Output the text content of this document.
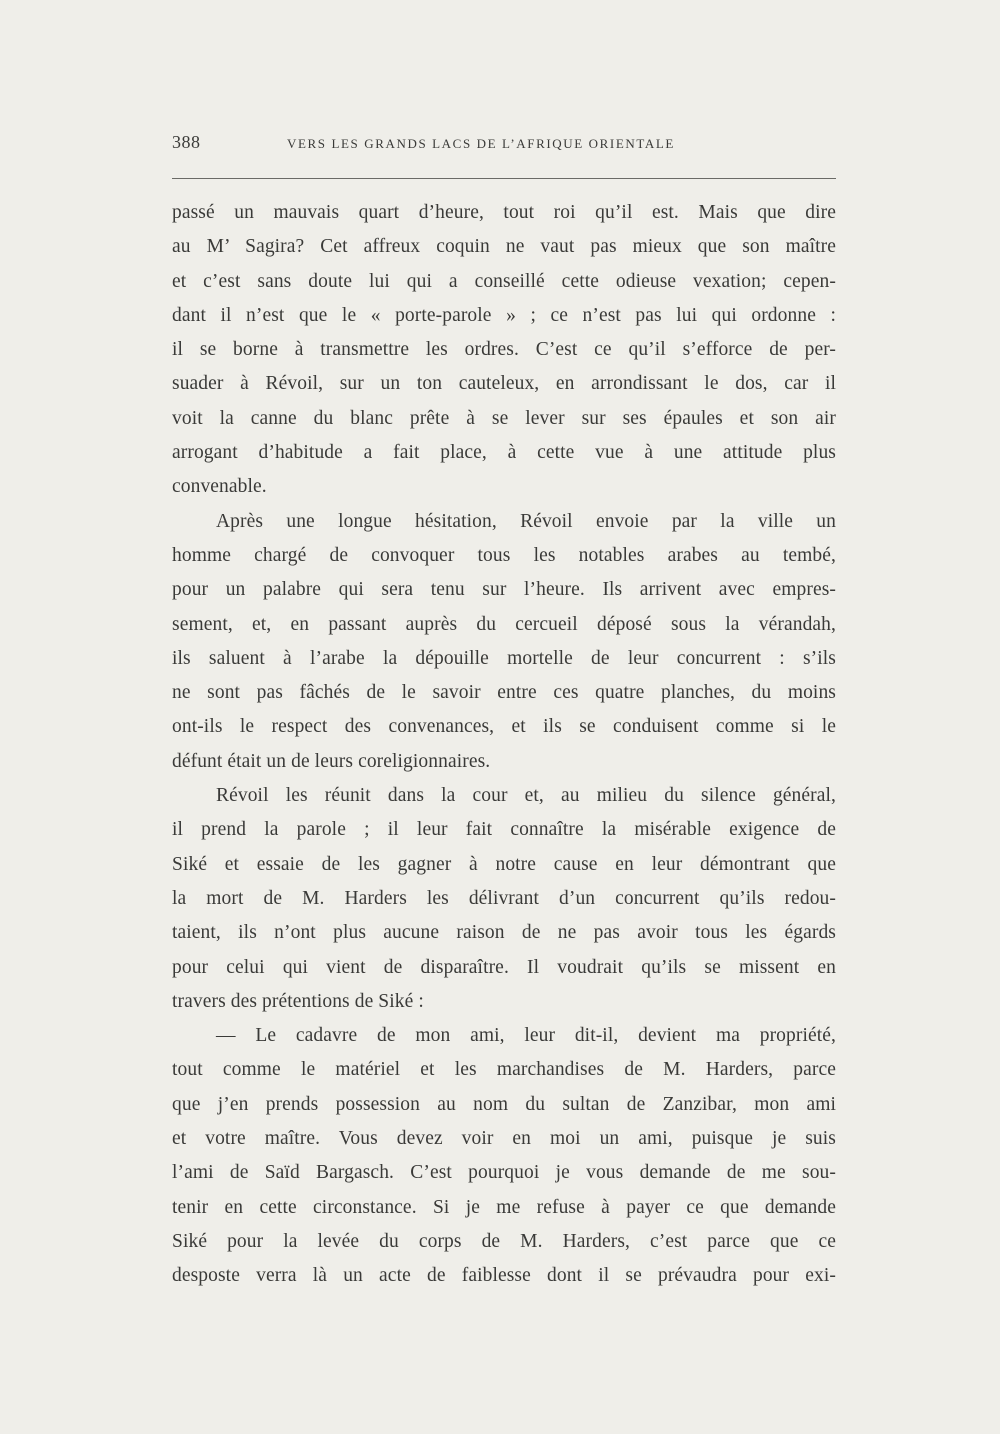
388	VERS LES GRANDS LACS DE L’AFRIQUE ORIENTALE
passé un mauvais quart d’heure, tout roi qu’il est. Mais que dire
au M’ Sagira? Cet affreux coquin ne vaut pas mieux que son maître
et c’est sans doute lui qui a conseillé cette odieuse vexation; cepen-
dant il n’est que le « porte-parole » ; ce n’est pas lui qui ordonne :
il se borne à transmettre les ordres. C’est ce qu’il s’efforce de per-
suader à Révoil, sur un ton cauteleux, en arrondissant le dos, car il
voit la canne du blanc prête à se lever sur ses épaules et son air
arrogant d’habitude a fait place, à cette vue à une attitude plus
convenable.
Après une longue hésitation, Révoil envoie par la ville un
homme chargé de convoquer tous les notables arabes au tembé,
pour un palabre qui sera tenu sur l’heure. Ils arrivent avec empres-
sement, et, en passant auprès du cercueil déposé sous la vérandah,
ils saluent à l’arabe la dépouille mortelle de leur concurrent : s’ils
ne sont pas fâchés de le savoir entre ces quatre planches, du moins
ont-ils le respect des convenances, et ils se conduisent comme si le
défunt était un de leurs coreligionnaires.
Révoil les réunit dans la cour et, au milieu du silence général,
il prend la parole ; il leur fait connaître la misérable exigence de
Siké et essaie de les gagner à notre cause en leur démontrant que
la mort de M. Harders les délivrant d’un concurrent qu’ils redou-
taient, ils n’ont plus aucune raison de ne pas avoir tous les égards
pour celui qui vient de disparaître. Il voudrait qu’ils se missent en
travers des prétentions de Siké :
— Le cadavre de mon ami, leur dit-il, devient ma propriété,
tout comme le matériel et les marchandises de M. Harders, parce
que j’en prends possession au nom du sultan de Zanzibar, mon ami
et votre maître. Vous devez voir en moi un ami, puisque je suis
l’ami de Saïd Bargasch. C’est pourquoi je vous demande de me sou-
tenir en cette circonstance. Si je me refuse à payer ce que demande
Siké pour la levée du corps de M. Harders, c’est parce que ce
desposte verra là un acte de faiblesse dont il se prévaudra pour exi-
